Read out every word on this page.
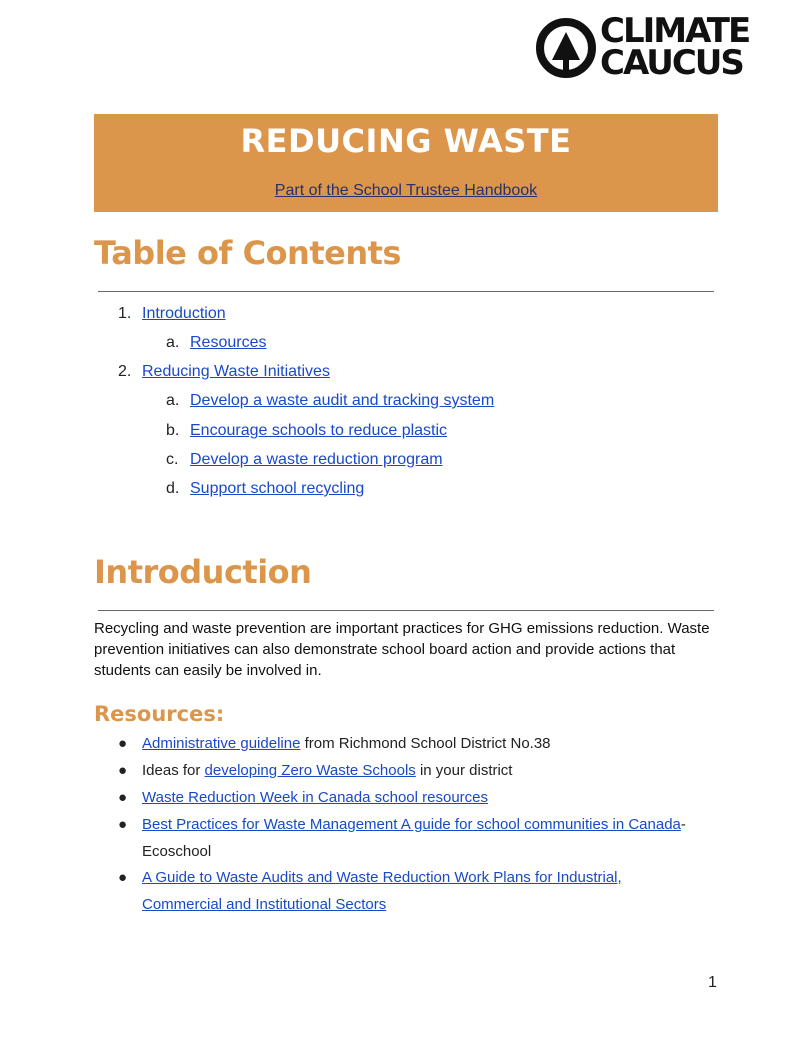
CLIMATE
CAUCUS
REDUCING WASTE
Part of the School Trustee Handbook
Table of Contents
1. Introduction
a. Resources
2. Reducing Waste Initiatives
a. Develop a waste audit and tracking system
b. Encourage schools to reduce plastic
c. Develop a waste reduction program
d. Support school recycling
Introduction
Recycling and waste prevention are important practices for GHG emissions reduction. Waste prevention initiatives can also demonstrate school board action and provide actions that students can easily be involved in.
Resources:
● Administrative guideline from Richmond School District No.38
● Ideas for developing Zero Waste Schools in your district
● Waste Reduction Week in Canada school resources
● Best Practices for Waste Management A guide for school communities in Canada- Ecoschool
● A Guide to Waste Audits and Waste Reduction Work Plans for Industrial, Commercial and Institutional Sectors
1
